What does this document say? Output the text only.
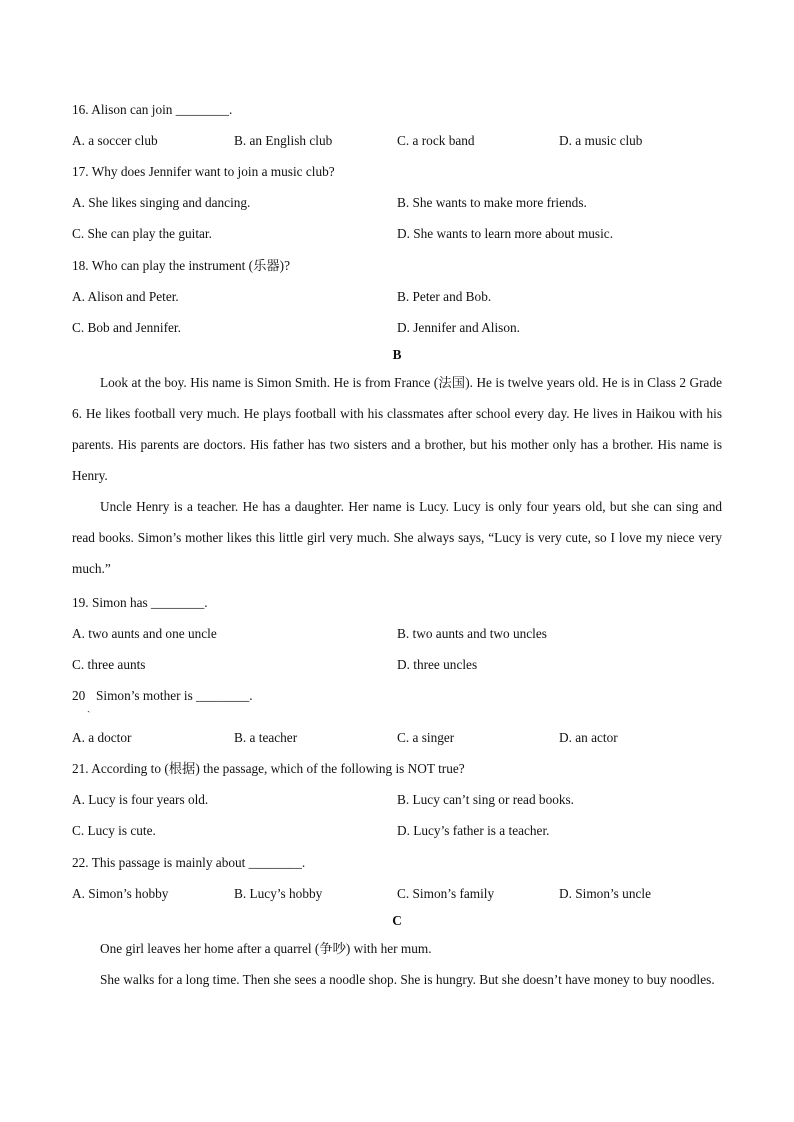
16. Alison can join ________.
A. a soccer club	B. an English club	C. a rock band	D. a music club
17. Why does Jennifer want to join a music club?
A. She likes singing and dancing.	B. She wants to make more friends.
C. She can play the guitar.	D. She wants to learn more about music.
18. Who can play the instrument (乐器)?
A. Alison and Peter.	B. Peter and Bob.
C. Bob and Jennifer.	D. Jennifer and Alison.
B

Look at the boy. His name is Simon Smith. He is from France (法国). He is twelve years old. He is in Class 2 Grade 6. He likes football very much. He plays football with his classmates after school every day. He lives in Haikou with his parents. His parents are doctors. His father has two sisters and a brother, but his mother only has a brother. His name is Henry.

Uncle Henry is a teacher. He has a daughter. Her name is Lucy. Lucy is only four years old, but she can sing and read books. Simon’s mother likes this little girl very much. She always says, “Lucy is very cute, so I love my niece very much.”

19. Simon has ________.
A. two aunts and one uncle	B. two aunts and two uncles
C. three aunts	D. three uncles
20
ˎ
Simon’s mother is ________.
A. a doctor	B. a teacher	C. a singer	D. an actor
21. According to (根据) the passage, which of the following is NOT true?
A. Lucy is four years old.	B. Lucy can’t sing or read books.
C. Lucy is cute.	D. Lucy’s father is a teacher.
22. This passage is mainly about ________.
A. Simon’s hobby	B. Lucy’s hobby	C. Simon’s family	D. Simon’s uncle
C

One girl leaves her home after a quarrel (争吵) with her mum.

She walks for a long time. Then she sees a noodle shop. She is hungry. But she doesn’t have money to buy noodles.
